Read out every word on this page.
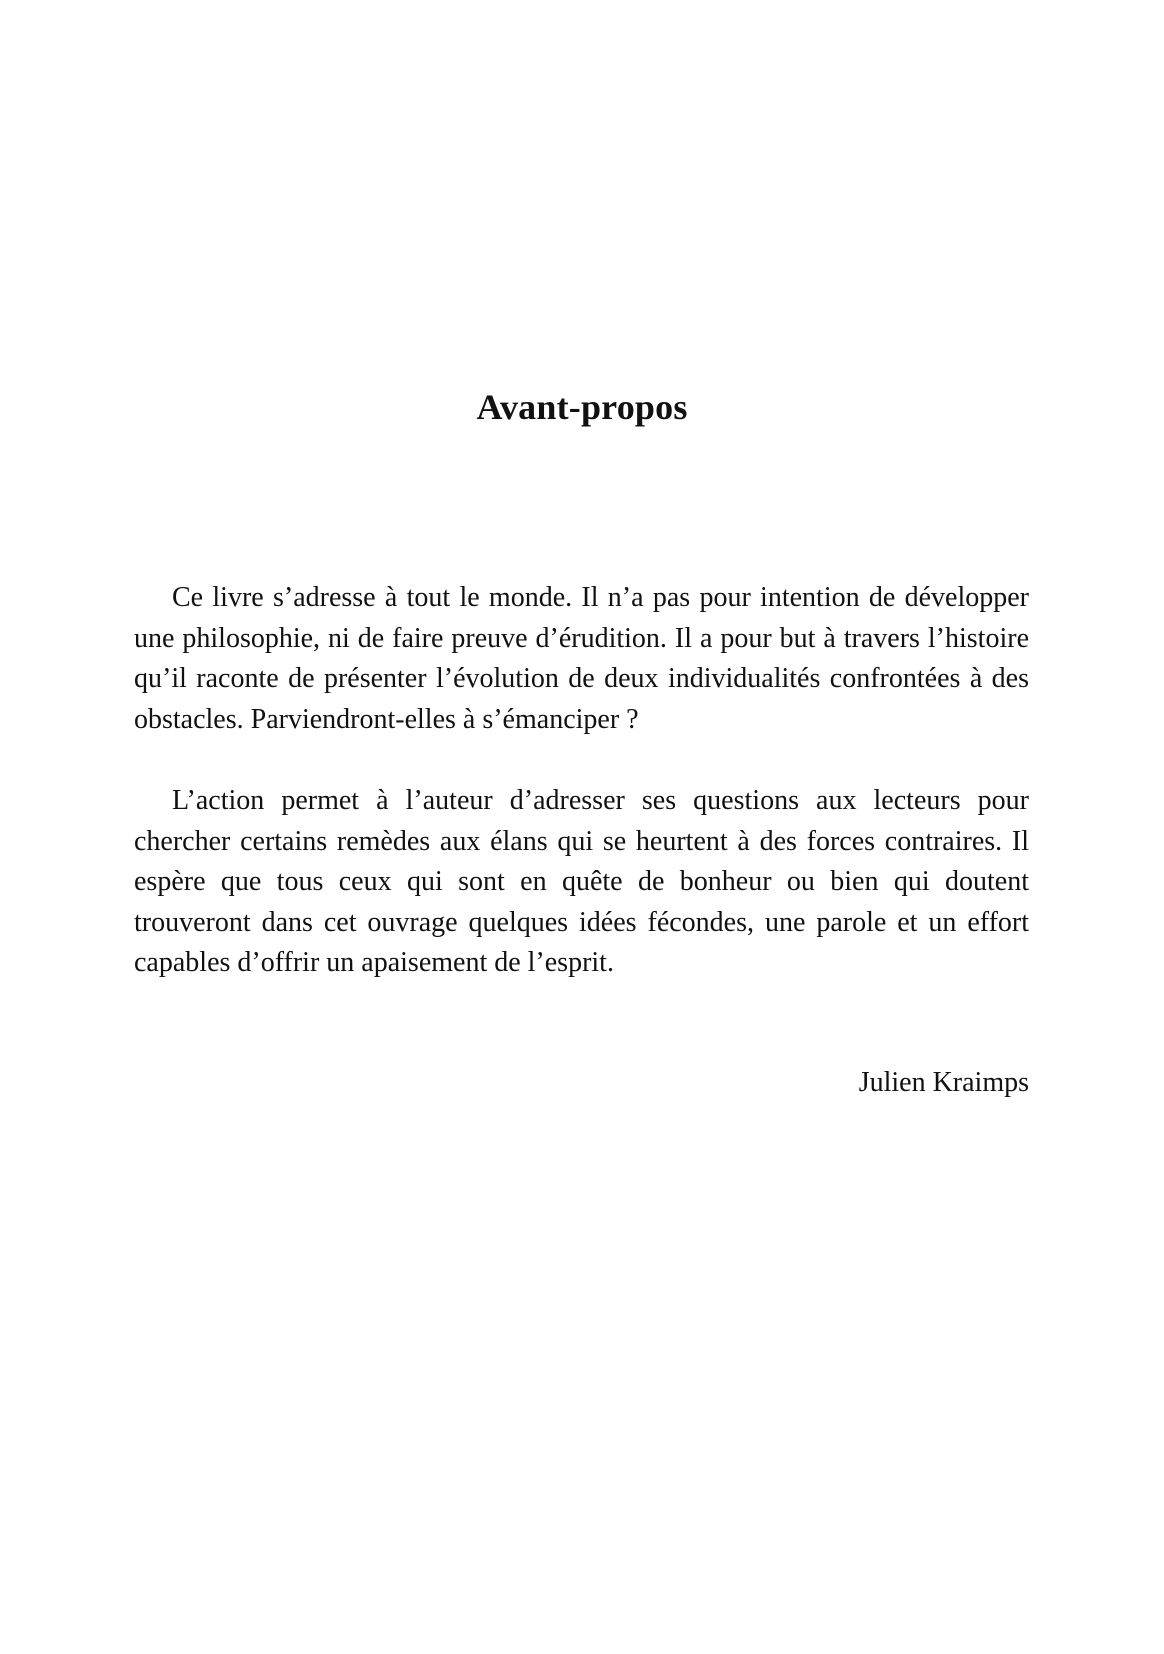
Avant-propos

Ce livre s’adresse à tout le monde. Il n’a pas pour intention de développer une philosophie, ni de faire preuve d’érudition. Il a pour but à travers l’histoire qu’il raconte de présenter l’évolution de deux individualités confrontées à des obstacles. Parviendront-elles à s’émanciper ?

L’action permet à l’auteur d’adresser ses questions aux lecteurs pour chercher certains remèdes aux élans qui se heurtent à des forces contraires. Il espère que tous ceux qui sont en quête de bonheur ou bien qui doutent trouveront dans cet ouvrage quelques idées fécondes, une parole et un effort capables d’offrir un apaisement de l’esprit.

Julien Kraimps
